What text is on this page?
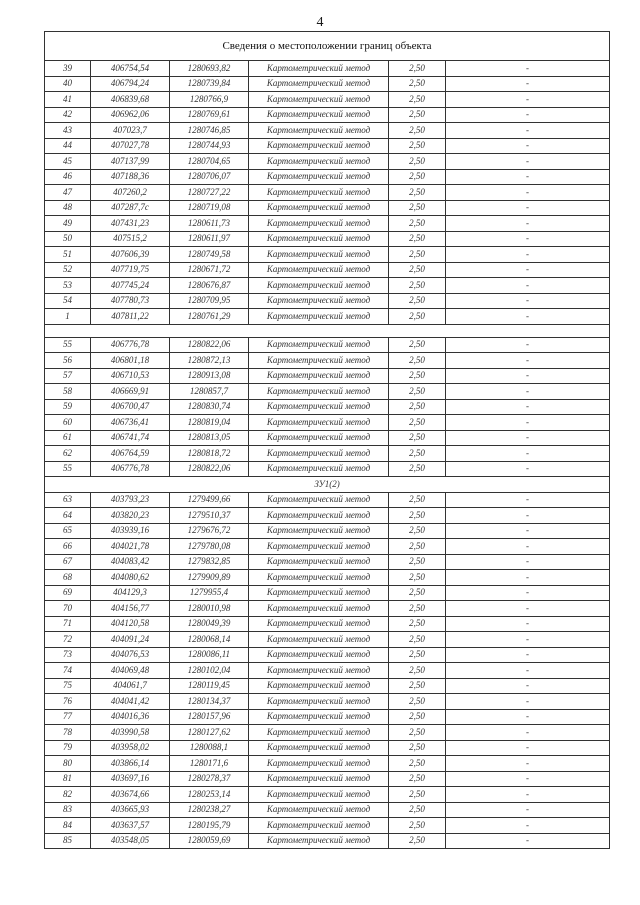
4
Сведения о местоположении границ объекта					
39	406754,54	1280693,82	Картометрический метод	2,50	-
40	406794,24	1280739,84	Картометрический метод	2,50	-
41	406839,68	1280766,9	Картометрический метод	2,50	-
42	406962,06	1280769,61	Картометрический метод	2,50	-
43	407023,7	1280746,85	Картометрический метод	2,50	-
44	407027,78	1280744,93	Картометрический метод	2,50	-
45	407137,99	1280704,65	Картометрический метод	2,50	-
46	407188,36	1280706,07	Картометрический метод	2,50	-
47	407260,2	1280727,22	Картометрический метод	2,50	-
48	407287,7c	1280719,08	Картометрический метод	2,50	-
49	407431,23	1280611,73	Картометрический метод	2,50	-
50	407515,2	1280611,97	Картометрический метод	2,50	-
51	407606,39	1280749,58	Картометрический метод	2,50	-
52	407719,75	1280671,72	Картометрический метод	2,50	-
53	407745,24	1280676,87	Картометрический метод	2,50	-
54	407780,73	1280709,95	Картометрический метод	2,50	-
1	407811,22	1280761,29	Картометрический метод	2,50	-

55	406776,78	1280822,06	Картометрический метод	2,50	-
56	406801,18	1280872,13	Картометрический метод	2,50	-
57	406710,53	1280913,08	Картометрический метод	2,50	-
58	406669,91	1280857,7	Картометрический метод	2,50	-
59	406700,47	1280830,74	Картометрический метод	2,50	-
60	406736,41	1280819,04	Картометрический метод	2,50	-
61	406741,74	1280813,05	Картометрический метод	2,50	-
62	406764,59	1280818,72	Картометрический метод	2,50	-
55	406776,78	1280822,06	Картометрический метод	2,50	-
ЗУ1(2)					
63	403793,23	1279499,66	Картометрический метод	2,50	-
64	403820,23	1279510,37	Картометрический метод	2,50	-
65	403939,16	1279676,72	Картометрический метод	2,50	-
66	404021,78	1279780,08	Картометрический метод	2,50	-
67	404083,42	1279832,85	Картометрический метод	2,50	-
68	404080,62	1279909,89	Картометрический метод	2,50	-
69	404129,3	1279955,4	Картометрический метод	2,50	-
70	404156,77	1280010,98	Картометрический метод	2,50	-
71	404120,58	1280049,39	Картометрический метод	2,50	-
72	404091,24	1280068,14	Картометрический метод	2,50	-
73	404076,53	1280086,11	Картометрический метод	2,50	-
74	404069,48	1280102,04	Картометрический метод	2,50	-
75	404061,7	1280119,45	Картометрический метод	2,50	-
76	404041,42	1280134,37	Картометрический метод	2,50	-
77	404016,36	1280157,96	Картометрический метод	2,50	-
78	403990,58	1280127,62	Картометрический метод	2,50	-
79	403958,02	1280088,1	Картометрический метод	2,50	-
80	403866,14	1280171,6	Картометрический метод	2,50	-
81	403697,16	1280278,37	Картометрический метод	2,50	-
82	403674,66	1280253,14	Картометрический метод	2,50	-
83	403665,93	1280238,27	Картометрический метод	2,50	-
84	403637,57	1280195,79	Картометрический метод	2,50	-
85	403548,05	1280059,69	Картометрический метод	2,50	-
